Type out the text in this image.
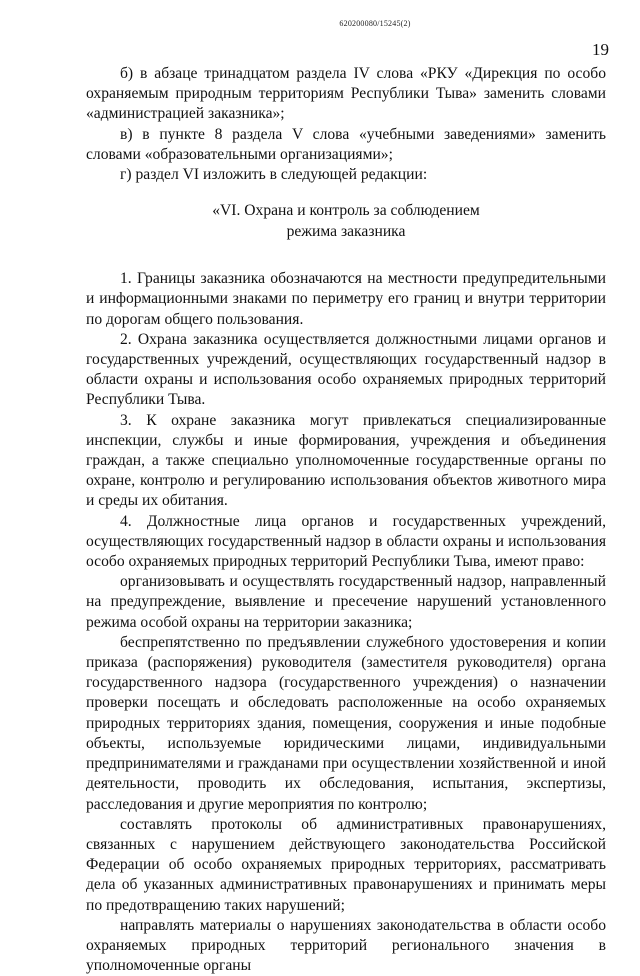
620200080/15245(2)
19

б) в абзаце тринадцатом раздела IV слова «РКУ «Дирекция по особо охраняемым природным территориям Республики Тыва» заменить словами «администрацией заказника»;

в) в пункте 8 раздела V слова «учебными заведениями» заменить словами «образовательными организациями»;

г) раздел VI изложить в следующей редакции:

«VI. Охрана и контроль за соблюдением
режима заказника

1. Границы заказника обозначаются на местности предупредительными и информационными знаками по периметру его границ и внутри территории по дорогам общего пользования.

2. Охрана заказника осуществляется должностными лицами органов и государственных учреждений, осуществляющих государственный надзор в области охраны и использования особо охраняемых природных территорий Республики Тыва.

3. К охране заказника могут привлекаться специализированные инспекции, службы и иные формирования, учреждения и объединения граждан, а также специально уполномоченные государственные органы по охране, контролю и регулированию использования объектов животного мира и среды их обитания.

4. Должностные лица органов и государственных учреждений, осуществляющих государственный надзор в области охраны и использования особо охраняемых природных территорий Республики Тыва, имеют право:

организовывать и осуществлять государственный надзор, направленный на предупреждение, выявление и пресечение нарушений установленного режима особой охраны на территории заказника;

беспрепятственно по предъявлении служебного удостоверения и копии приказа (распоряжения) руководителя (заместителя руководителя) органа государственного надзора (государственного учреждения) о назначении проверки посещать и обследовать расположенные на особо охраняемых природных территориях здания, помещения, сооружения и иные подобные объекты, используемые юридическими лицами, индивидуальными предпринимателями и гражданами при осуществлении хозяйственной и иной деятельности, проводить их обследования, испытания, экспертизы, расследования и другие мероприятия по контролю;

составлять протоколы об административных правонарушениях, связанных с нарушением действующего законодательства Российской Федерации об особо охраняемых природных территориях, рассматривать дела об указанных административных правонарушениях и принимать меры по предотвращению таких нарушений;

направлять материалы о нарушениях законодательства в области особо охраняемых природных территорий регионального значения в уполномоченные органы
